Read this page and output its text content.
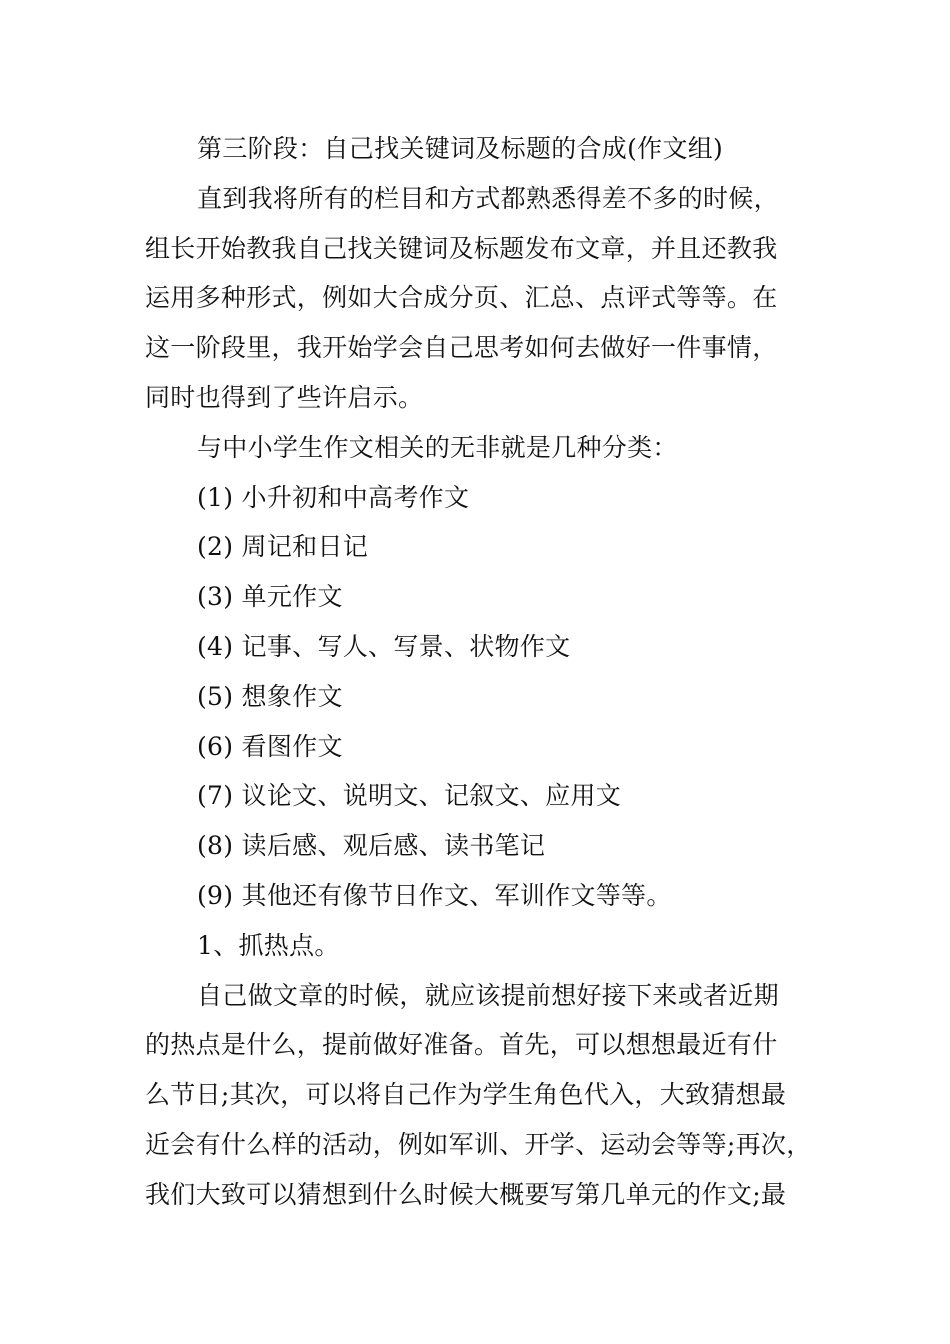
第三阶段：自己找关键词及标题的合成(作文组)
直到我将所有的栏目和方式都熟悉得差不多的时候，
组长开始教我自己找关键词及标题发布文章，并且还教我
运用多种形式，例如大合成分页、汇总、点评式等等。在
这一阶段里，我开始学会自己思考如何去做好一件事情，
同时也得到了些许启示。
与中小学生作文相关的无非就是几种分类：
(1) 小升初和中高考作文
(2) 周记和日记
(3) 单元作文
(4) 记事、写人、写景、状物作文
(5) 想象作文
(6) 看图作文
(7) 议论文、说明文、记叙文、应用文
(8) 读后感、观后感、读书笔记
(9) 其他还有像节日作文、军训作文等等。
1、抓热点。
自己做文章的时候，就应该提前想好接下来或者近期
的热点是什么，提前做好准备。首先，可以想想最近有什
么节日;其次，可以将自己作为学生角色代入，大致猜想最
近会有什么样的活动，例如军训、开学、运动会等等;再次，
我们大致可以猜想到什么时候大概要写第几单元的作文;最
